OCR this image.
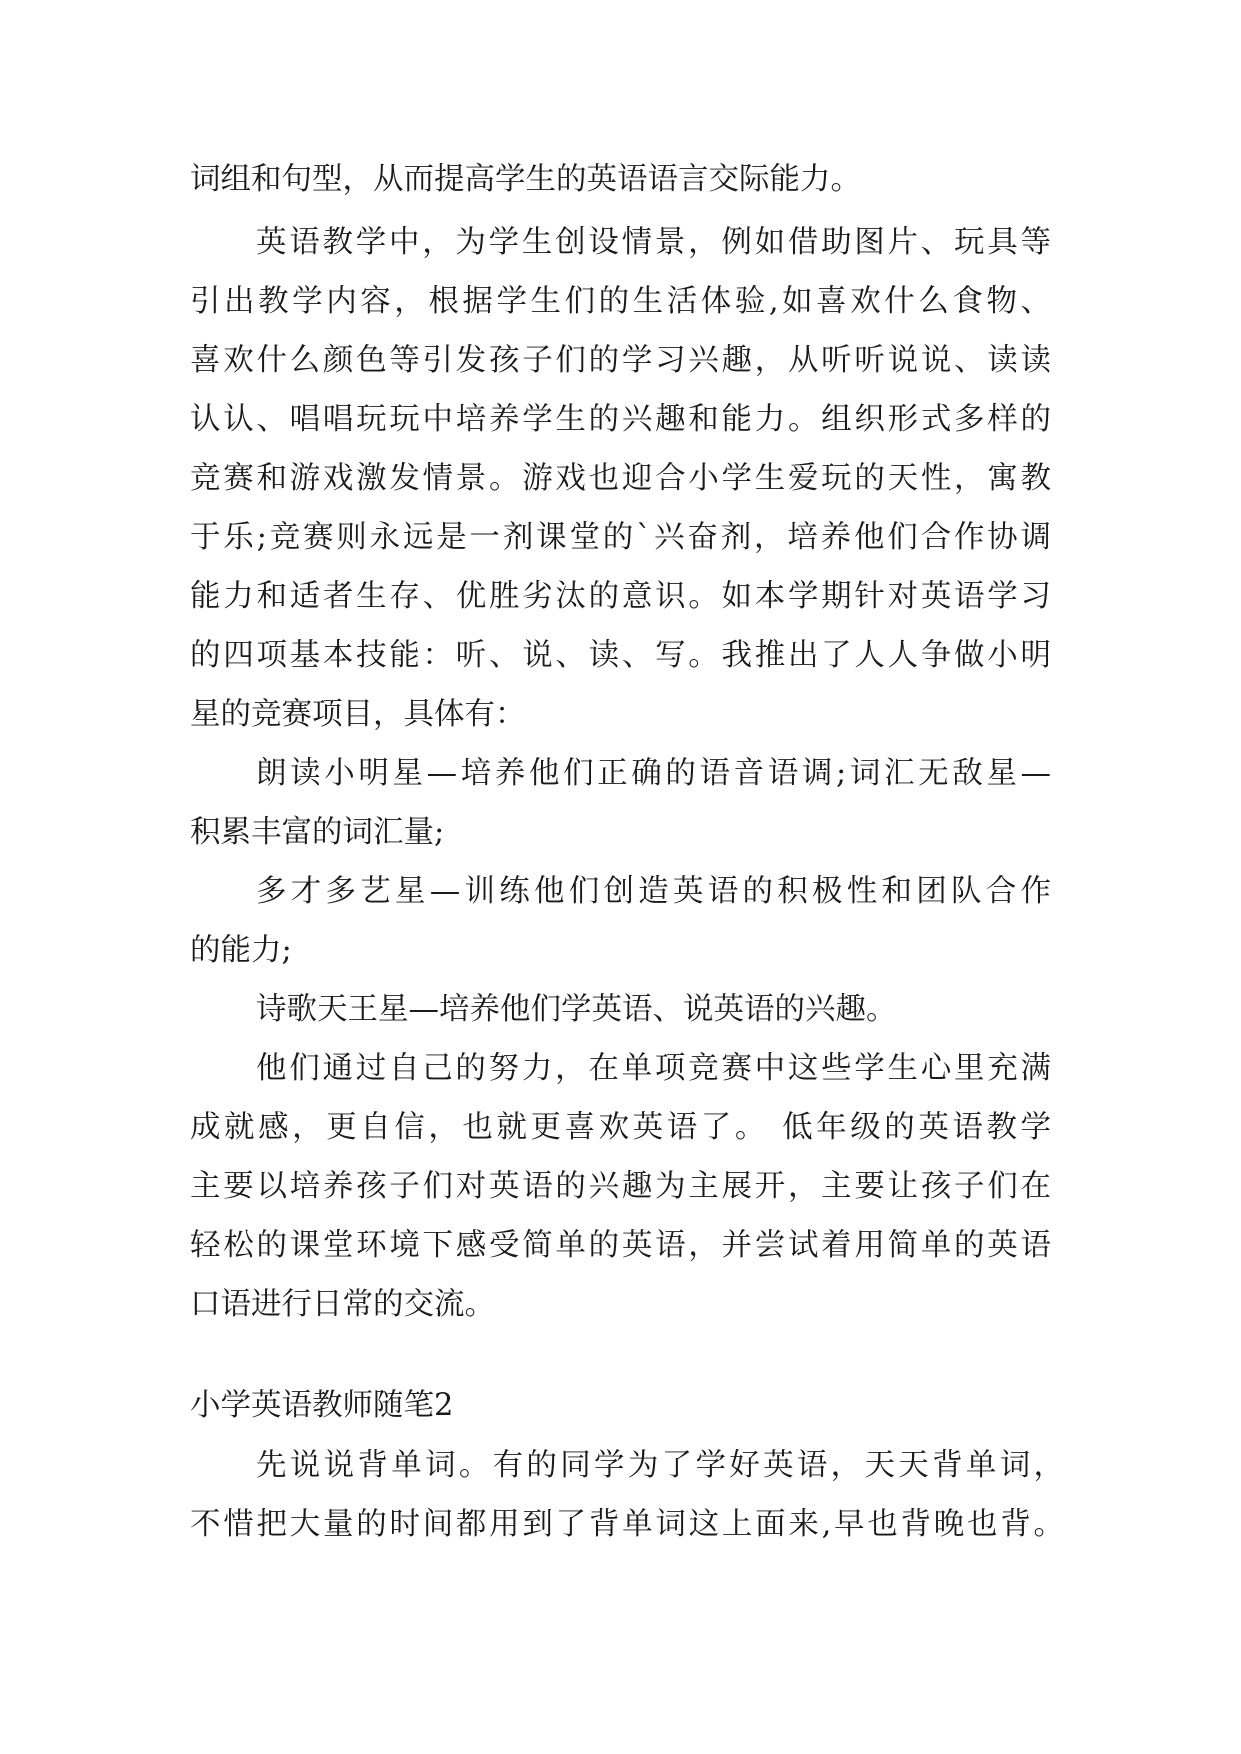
词组和句型，从而提高学生的英语语言交际能力。
英语教学中，为学生创设情景，例如借助图片、玩具等
引出教学内容，根据学生们的生活体验,如喜欢什么食物、
喜欢什么颜色等引发孩子们的学习兴趣，从听听说说、读读
认认、唱唱玩玩中培养学生的兴趣和能力。组织形式多样的
竞赛和游戏激发情景。游戏也迎合小学生爱玩的天性，寓教
于乐;竞赛则永远是一剂课堂的`兴奋剂，培养他们合作协调
能力和适者生存、优胜劣汰的意识。如本学期针对英语学习
的四项基本技能：听、说、读、写。我推出了人人争做小明
星的竞赛项目，具体有：
朗读小明星—培养他们正确的语音语调;词汇无敌星—
积累丰富的词汇量;
多才多艺星—训练他们创造英语的积极性和团队合作
的能力;
诗歌天王星—培养他们学英语、说英语的兴趣。
他们通过自己的努力，在单项竞赛中这些学生心里充满
成就感，更自信，也就更喜欢英语了。 低年级的英语教学
主要以培养孩子们对英语的兴趣为主展开，主要让孩子们在
轻松的课堂环境下感受简单的英语，并尝试着用简单的英语
口语进行日常的交流。
小学英语教师随笔2
先说说背单词。有的同学为了学好英语，天天背单词，
不惜把大量的时间都用到了背单词这上面来,早也背晚也背。
